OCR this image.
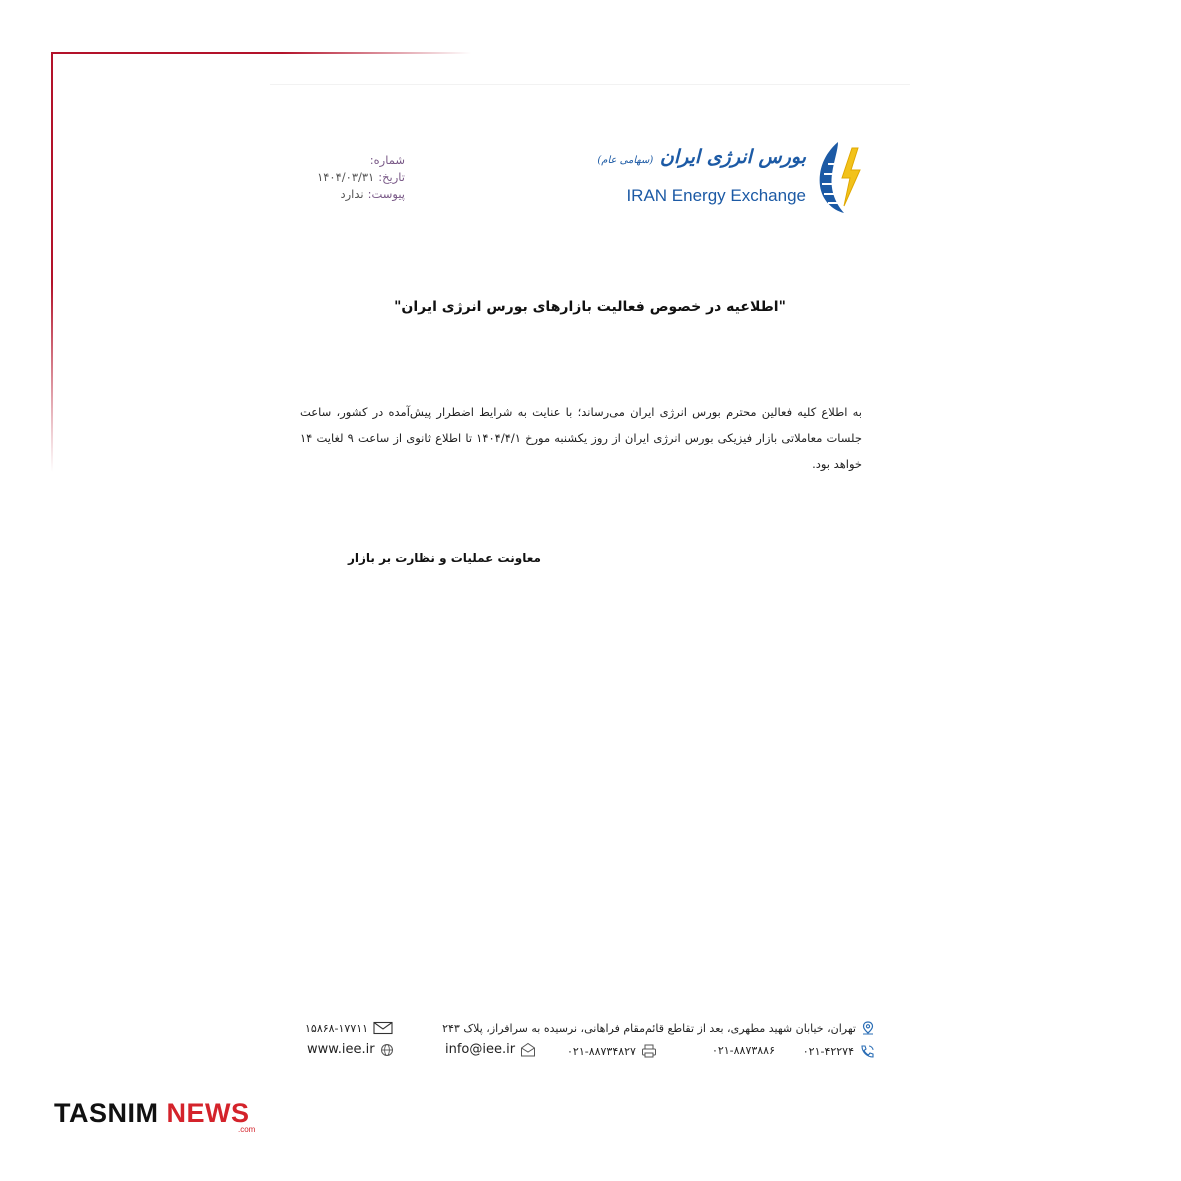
بورس انرژی ایران (سهامی عام)
IRAN Energy Exchange
شماره:
تاریخ:۱۴۰۴/۰۳/۳۱
پیوست:ندارد
"اطلاعیه در خصوص فعالیت بازارهای بورس انرژی ایران"
به اطلاع کلیه فعالین محترم بورس انرژی ایران می‌رساند؛ با عنایت به شرایط اضطرار پیش‌آمده در کشور، ساعت جلسات معاملاتی بازار فیزیکی بورس انرژی ایران از روز یکشنبه مورخ ۱۴۰۴/۴/۱ تا اطلاع ثانوی از ساعت ۹ لغایت ۱۴ خواهد بود.
معاونت عملیات و نظارت بر بازار
تهران، خیابان شهید مطهری، بعد از تقاطع قائم‌مقام فراهانی، نرسیده به سرافراز، پلاک ۲۴۳
۱۵۸۶۸-۱۷۷۱۱
۰۲۱-۴۲۲۷۴
۰۲۱-۸۸۷۳۸۸۶
۰۲۱-۸۸۷۳۴۸۲۷
info@iee.ir
www.iee.ir
TASNIM NEWS
.com
